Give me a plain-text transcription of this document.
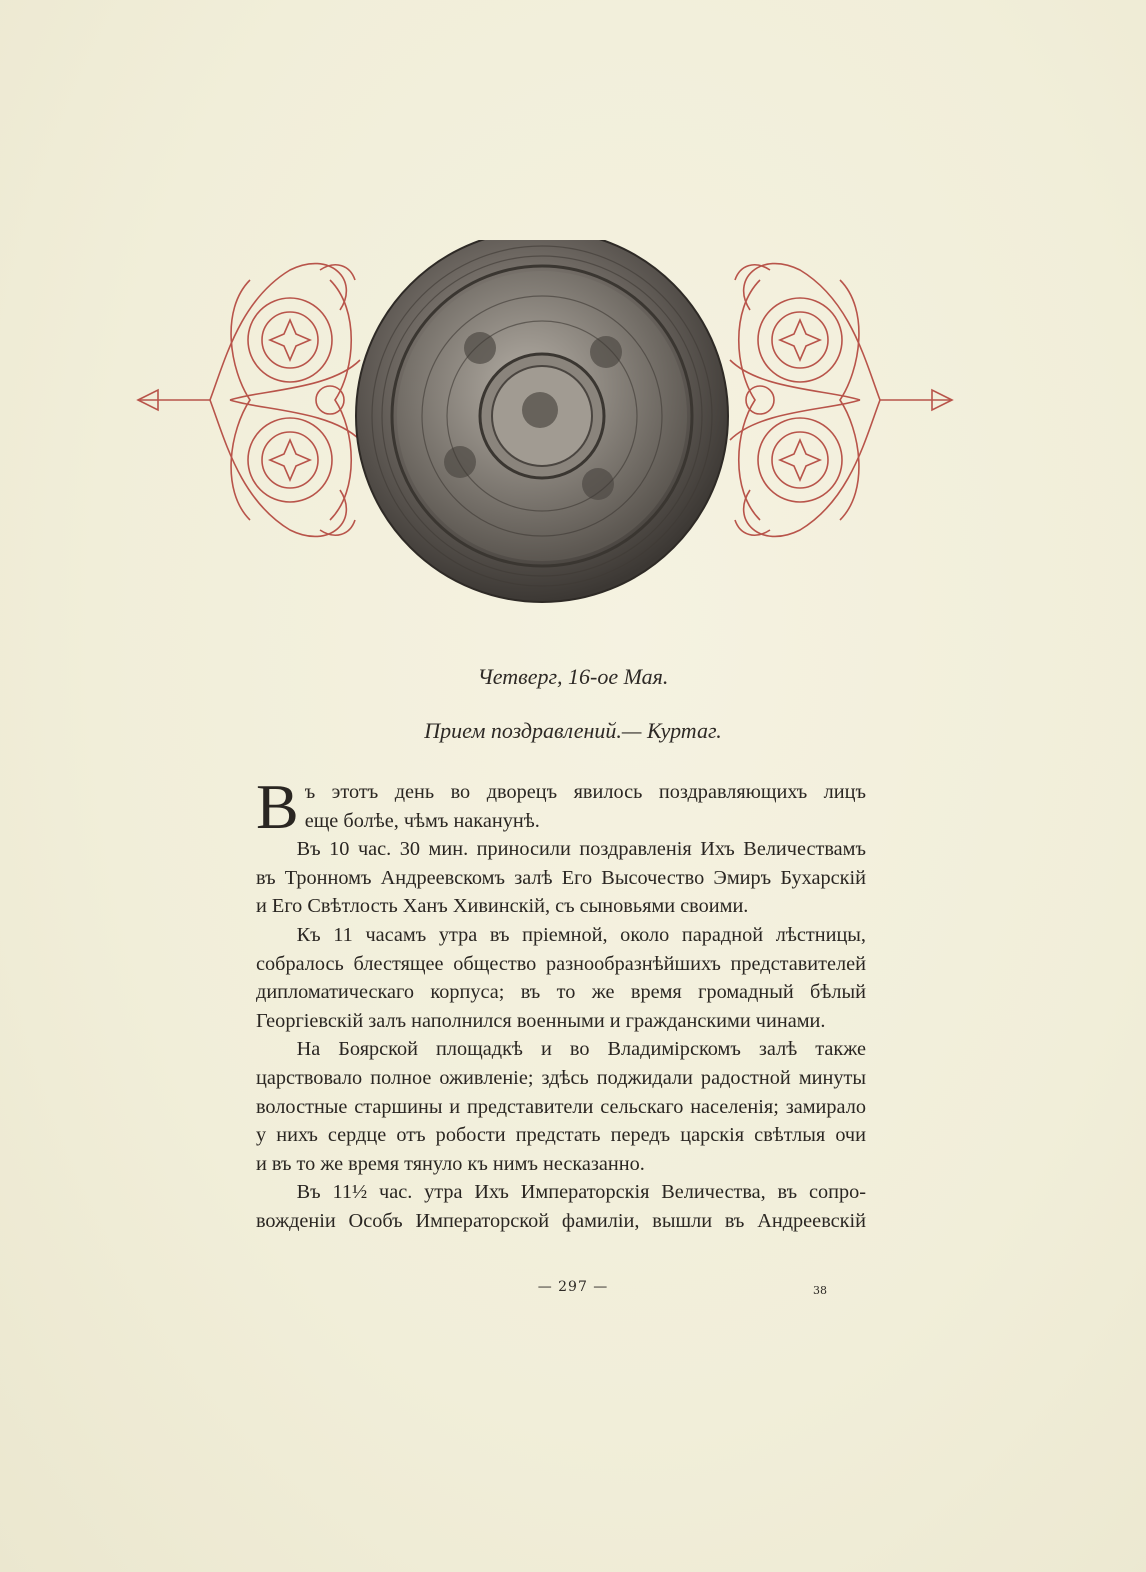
Четверг, 16-ое Мая.
Прием поздравлений.— Куртаг.

Въ этотъ день во дворецъ явилось поздравляющихъ лицъ

еще болѣе, чѣмъ наканунѣ.

Въ 10 час. 30 мин. приносили поздравленія Ихъ Величествамъ

въ Тронномъ Андреевскомъ залѣ Его Высочество Эмиръ Бухарскій

и Его Свѣтлость Ханъ Хивинскій, съ сыновьями своими.

Къ 11 часамъ утра въ пріемной, около парадной лѣстницы,

собралось блестящее общество разнообразнѣйшихъ представителей

дипломатическаго корпуса; въ то же время громадный бѣлый

Георгіевскій залъ наполнился военными и гражданскими чинами.

На Боярской площадкѣ и во Владимірскомъ залѣ также

царствовало полное оживленіе; здѣсь поджидали радостной минуты

волостные старшины и представители сельскаго населенія; замирало

у нихъ сердце отъ робости предстать передъ царскія свѣтлыя очи

и въ то же время тянуло къ нимъ несказанно.

Въ 11½ час. утра Ихъ Императорскія Величества, въ сопро-

вожденіи Особъ Императорской фамиліи, вышли въ Андреевскій

— 297 —	38
